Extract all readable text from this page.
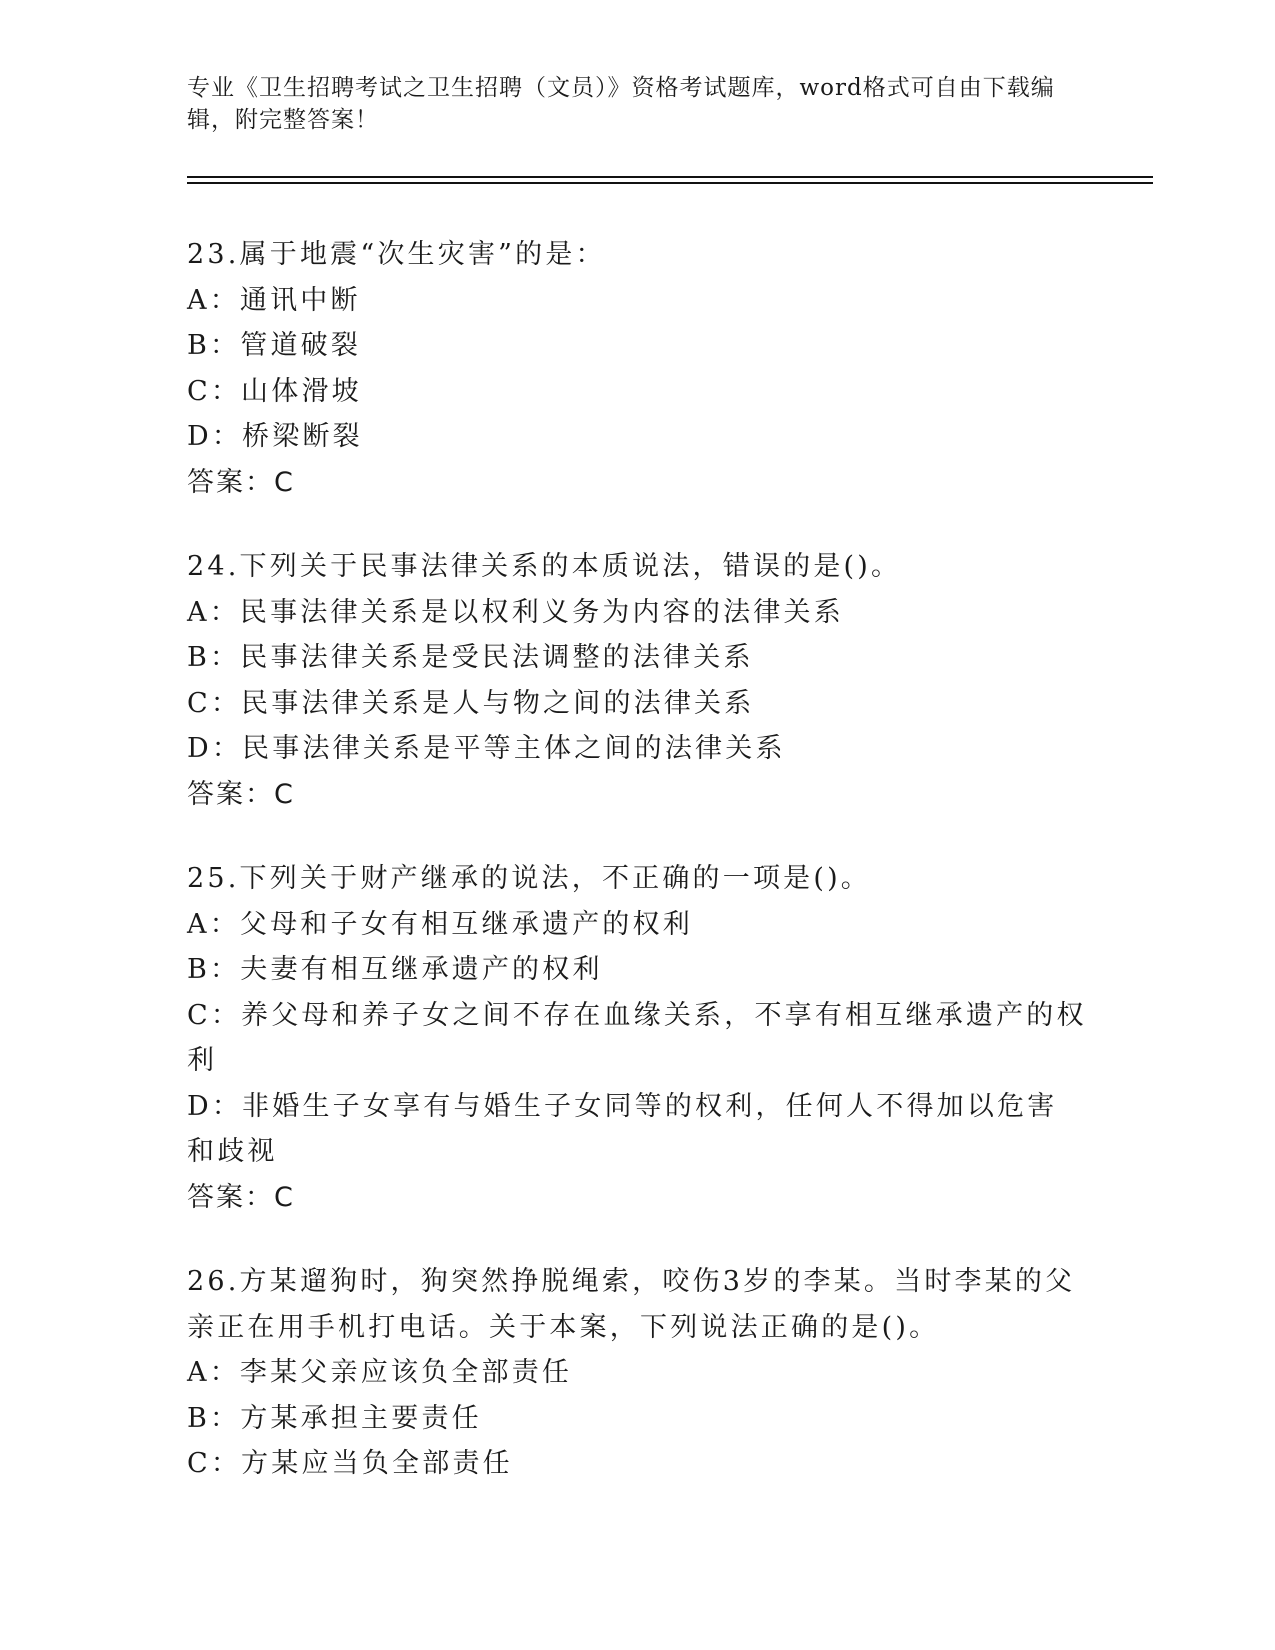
专业《卫生招聘考试之卫生招聘（文员）》资格考试题库，word格式可自由下载编辑，附完整答案！
23.属于地震“次生灾害”的是：
A：通讯中断
B：管道破裂
C：山体滑坡
D：桥梁断裂
答案：C
24.下列关于民事法律关系的本质说法，错误的是()。
A：民事法律关系是以权利义务为内容的法律关系
B：民事法律关系是受民法调整的法律关系
C：民事法律关系是人与物之间的法律关系
D：民事法律关系是平等主体之间的法律关系
答案：C
25.下列关于财产继承的说法，不正确的一项是()。
A：父母和子女有相互继承遗产的权利
B：夫妻有相互继承遗产的权利
C：养父母和养子女之间不存在血缘关系，不享有相互继承遗产的权利
D：非婚生子女享有与婚生子女同等的权利，任何人不得加以危害和歧视
答案：C
26.方某遛狗时，狗突然挣脱绳索，咬伤3岁的李某。当时李某的父亲正在用手机打电话。关于本案，下列说法正确的是()。
A：李某父亲应该负全部责任
B：方某承担主要责任
C：方某应当负全部责任
